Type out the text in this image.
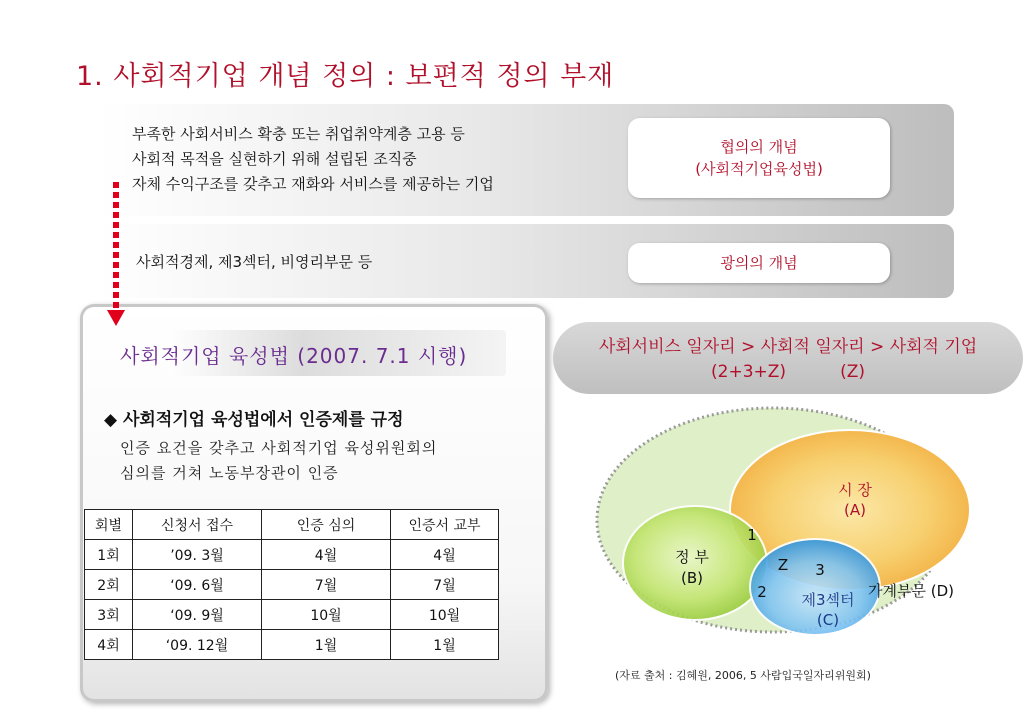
1. 사회적기업 개념 정의 : 보편적 정의 부재
부족한 사회서비스 확충 또는 취업취약계층 고용 등
사회적 목적을 실현하기 위해 설립된 조직중
자체 수익구조를 갖추고 재화와 서비스를 제공하는 기업
협의의 개념
(사회적기업육성법)
사회적경제, 제3섹터, 비영리부문 등	광의의 개념
사회적기업 육성법 (2007. 7.1 시행)
◆ 사회적기업 육성법에서 인증제를 규정
인증 요건을 갖추고 사회적기업 육성위원회의
심의를 거쳐 노동부장관이 인증
회별	신청서 접수	인증 심의	인증서 교부
1회	’09. 3월	4월	4월
2회	‘09. 6월	7월	7월
3회	‘09. 9월	10월	10월
4회	‘09. 12월	1월	1월
사회서비스 일자리 > 사회적 일자리 > 사회적 기업
(2+3+Z)          (Z)
시 장
(A)
정 부
(B)
제3섹터
(C)
가계부문 (D)
1
Z 3
2
(자료 출처 : 김혜원, 2006, 5 사람입국일자리위원회)
